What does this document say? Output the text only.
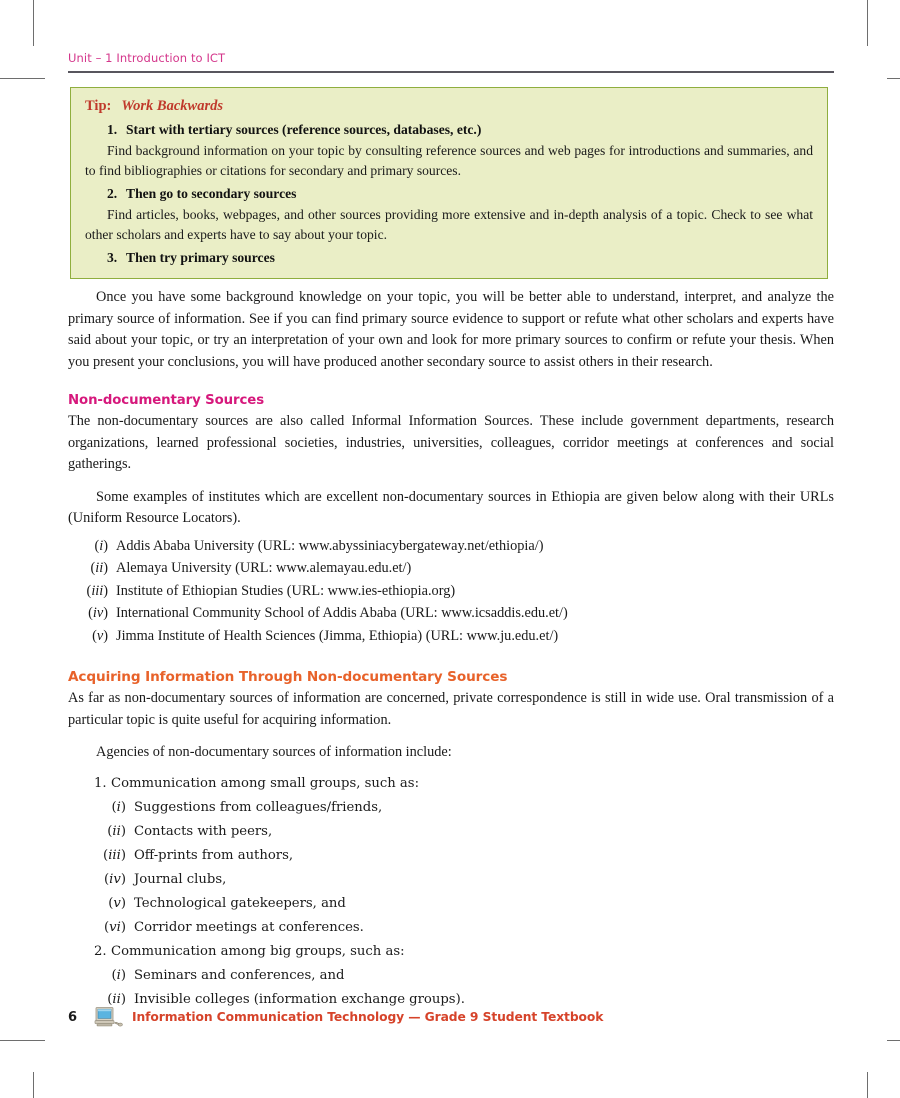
Unit – 1 Introduction to ICT
Tip: Work Backwards
1. Start with tertiary sources (reference sources, databases, etc.)
Find background information on your topic by consulting reference sources and web pages for introductions and summaries, and to find bibliographies or citations for secondary and primary sources.
2. Then go to secondary sources
Find articles, books, webpages, and other sources providing more extensive and in-depth analysis of a topic. Check to see what other scholars and experts have to say about your topic.
3. Then try primary sources

Once you have some background knowledge on your topic, you will be better able to understand, interpret, and analyze the primary source of information. See if you can find primary source evidence to support or refute what other scholars and experts have said about your topic, or try an interpretation of your own and look for more primary sources to confirm or refute your thesis. When you present your conclusions, you will have produced another secondary source to assist others in their research.

Non-documentary Sources

The non-documentary sources are also called Informal Information Sources. These include government departments, research organizations, learned professional societies, industries, universities, colleagues, corridor meetings at conferences and social gatherings.

Some examples of institutes which are excellent non-documentary sources in Ethiopia are given below along with their URLs (Uniform Resource Locators).

(i) Addis Ababa University (URL: www.abyssiniacybergateway.net/ethiopia/)
(ii) Alemaya University (URL: www.alemayau.edu.et/)
(iii) Institute of Ethiopian Studies (URL: www.ies-ethiopia.org)
(iv) International Community School of Addis Ababa (URL: www.icsaddis.edu.et/)
(v) Jimma Institute of Health Sciences (Jimma, Ethiopia) (URL: www.ju.edu.et/)
Acquiring Information Through Non-documentary Sources

As far as non-documentary sources of information are concerned, private correspondence is still in wide use. Oral transmission of a particular topic is quite useful for acquiring information.

Agencies of non-documentary sources of information include:

1. Communication among small groups, such as:
(i) Suggestions from colleagues/friends,
(ii) Contacts with peers,
(iii) Off-prints from authors,
(iv) Journal clubs,
(v) Technological gatekeepers, and
(vi) Corridor meetings at conferences.
2. Communication among big groups, such as:
(i) Seminars and conferences, and
(ii) Invisible colleges (information exchange groups).
6	Information Communication Technology — Grade 9 Student Textbook
